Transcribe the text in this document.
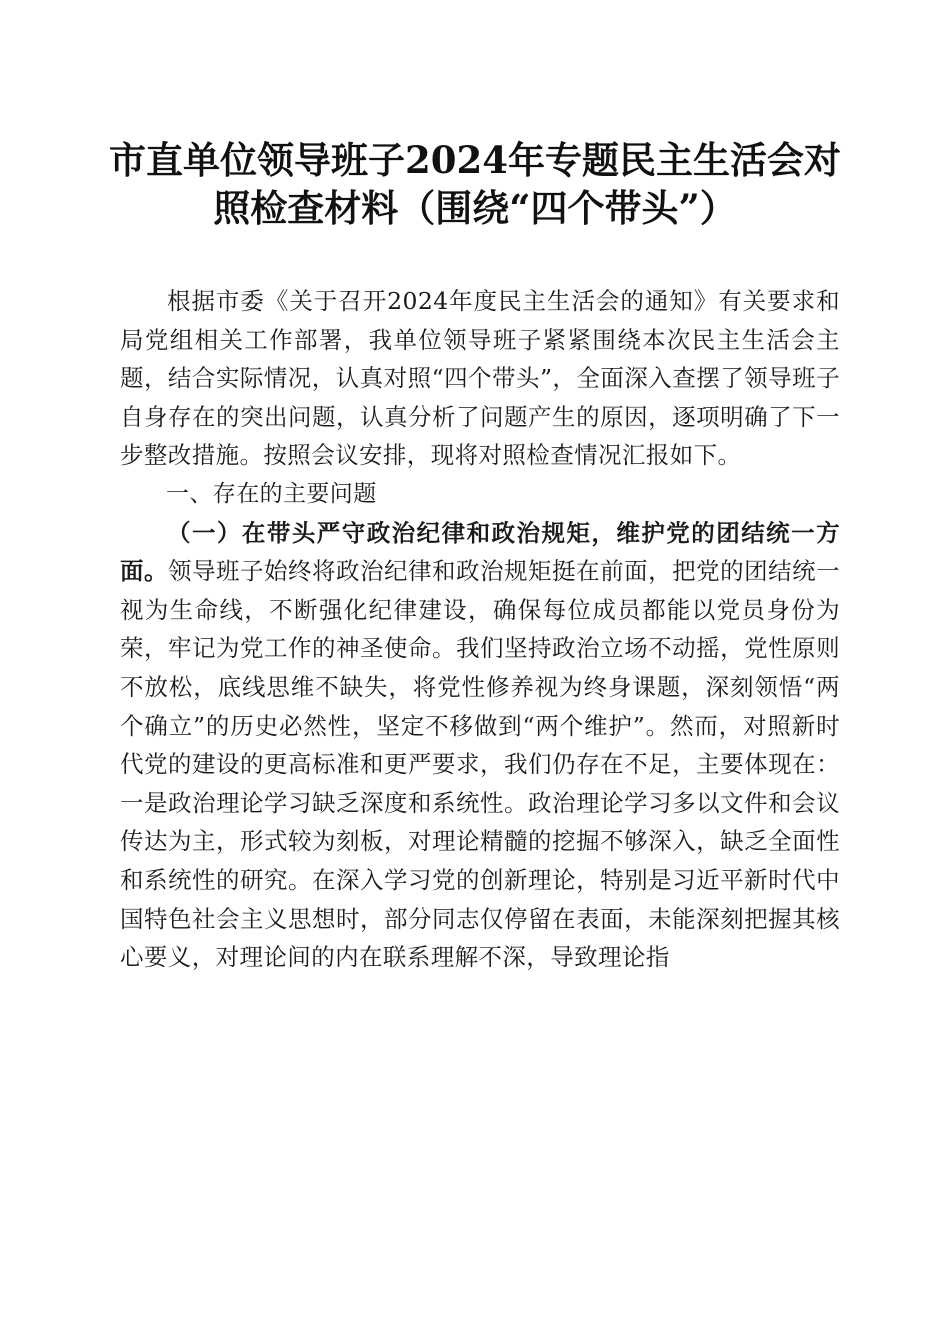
市直单位领导班子2024年专题民主生活会对
照检查材料（围绕“四个带头”）

根据市委《关于召开2024年度民主生活会的通知》有关要求和局党组相关工作部署，我单位领导班子紧紧围绕本次民主生活会主题，结合实际情况，认真对照“四个带头”，全面深入查摆了领导班子自身存在的突出问题，认真分析了问题产生的原因，逐项明确了下一步整改措施。按照会议安排，现将对照检查情况汇报如下。

一、存在的主要问题

（一）在带头严守政治纪律和政治规矩，维护党的团结统一方面。领导班子始终将政治纪律和政治规矩挺在前面，把党的团结统一视为生命线，不断强化纪律建设，确保每位成员都能以党员身份为荣，牢记为党工作的神圣使命。我们坚持政治立场不动摇，党性原则不放松，底线思维不缺失，将党性修养视为终身课题，深刻领悟“两个确立”的历史必然性，坚定不移做到“两个维护”。然而，对照新时代党的建设的更高标准和更严要求，我们仍存在不足，主要体现在：一是政治理论学习缺乏深度和系统性。政治理论学习多以文件和会议传达为主，形式较为刻板，对理论精髓的挖掘不够深入，缺乏全面性和系统性的研究。在深入学习党的创新理论，特别是习近平新时代中国特色社会主义思想时，部分同志仅停留在表面，未能深刻把握其核心要义，对理论间的内在联系理解不深，导致理论指
